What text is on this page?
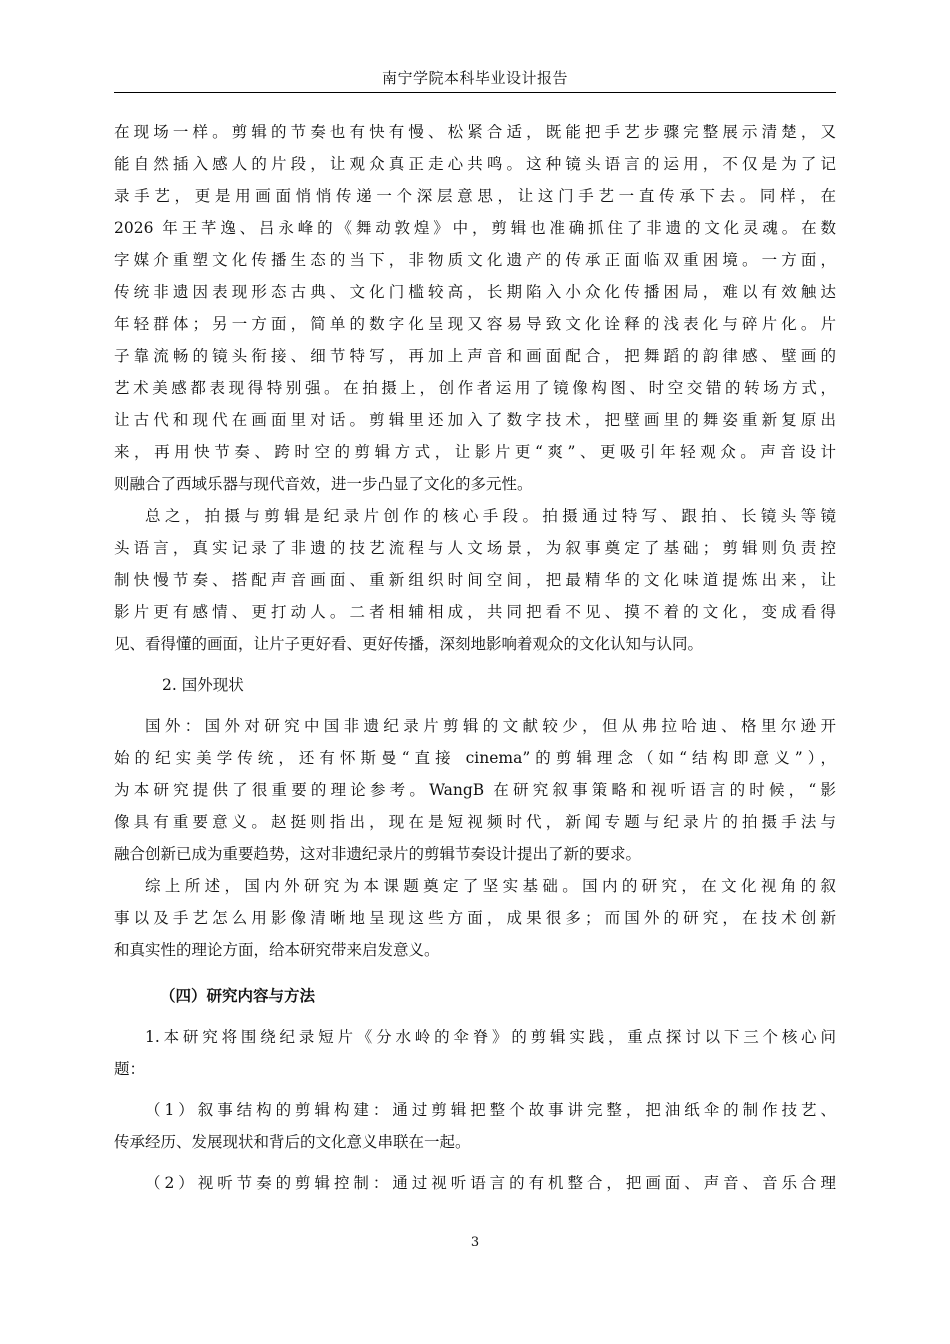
南宁学院本科毕业设计报告
在现场一样。剪辑的节奏也有快有慢、松紧合适，既能把手艺步骤完整展示清楚，又
能自然插入感人的片段，让观众真正走心共鸣。这种镜头语言的运用，不仅是为了记
录手艺，更是用画面悄悄传递一个深层意思，让这门手艺一直传承下去。同样，在
2026 年王芊逸、吕永峰的《舞动敦煌》中，剪辑也准确抓住了非遗的文化灵魂。在数
字媒介重塑文化传播生态的当下，非物质文化遗产的传承正面临双重困境。一方面，
传统非遗因表现形态古典、文化门槛较高，长期陷入小众化传播困局，难以有效触达
年轻群体；另一方面，简单的数字化呈现又容易导致文化诠释的浅表化与碎片化。片
子靠流畅的镜头衔接、细节特写，再加上声音和画面配合，把舞蹈的韵律感、壁画的
艺术美感都表现得特别强。在拍摄上，创作者运用了镜像构图、时空交错的转场方式，
让古代和现代在画面里对话。剪辑里还加入了数字技术，把壁画里的舞姿重新复原出
来，再用快节奏、跨时空的剪辑方式，让影片更“爽”、更吸引年轻观众。声音设计
则融合了西域乐器与现代音效，进一步凸显了文化的多元性。
总之，拍摄与剪辑是纪录片创作的核心手段。拍摄通过特写、跟拍、长镜头等镜
头语言，真实记录了非遗的技艺流程与人文场景，为叙事奠定了基础；剪辑则负责控
制快慢节奏、搭配声音画面、重新组织时间空间，把最精华的文化味道提炼出来，让
影片更有感情、更打动人。二者相辅相成，共同把看不见、摸不着的文化，变成看得
见、看得懂的画面，让片子更好看、更好传播，深刻地影响着观众的文化认知与认同。
2. 国外现状
国外：国外对研究中国非遗纪录片剪辑的文献较少，但从弗拉哈迪、格里尔逊开
始的纪实美学传统，还有怀斯曼“直接 cinema”的剪辑理念（如“结构即意义”），
为本研究提供了很重要的理论参考。WangB 在研究叙事策略和视听语言的时候，“影
像具有重要意义。赵挺则指出，现在是短视频时代，新闻专题与纪录片的拍摄手法与
融合创新已成为重要趋势，这对非遗纪录片的剪辑节奏设计提出了新的要求。
综上所述，国内外研究为本课题奠定了坚实基础。国内的研究，在文化视角的叙
事以及手艺怎么用影像清晰地呈现这些方面，成果很多；而国外的研究，在技术创新
和真实性的理论方面，给本研究带来启发意义。
（四）研究内容与方法
1.本研究将围绕纪录短片《分水岭的伞脊》的剪辑实践，重点探讨以下三个核心问
题：
（1）叙事结构的剪辑构建：通过剪辑把整个故事讲完整，把油纸伞的制作技艺、
传承经历、发展现状和背后的文化意义串联在一起。
（2）视听节奏的剪辑控制：通过视听语言的有机整合，把画面、声音、音乐合理
3
